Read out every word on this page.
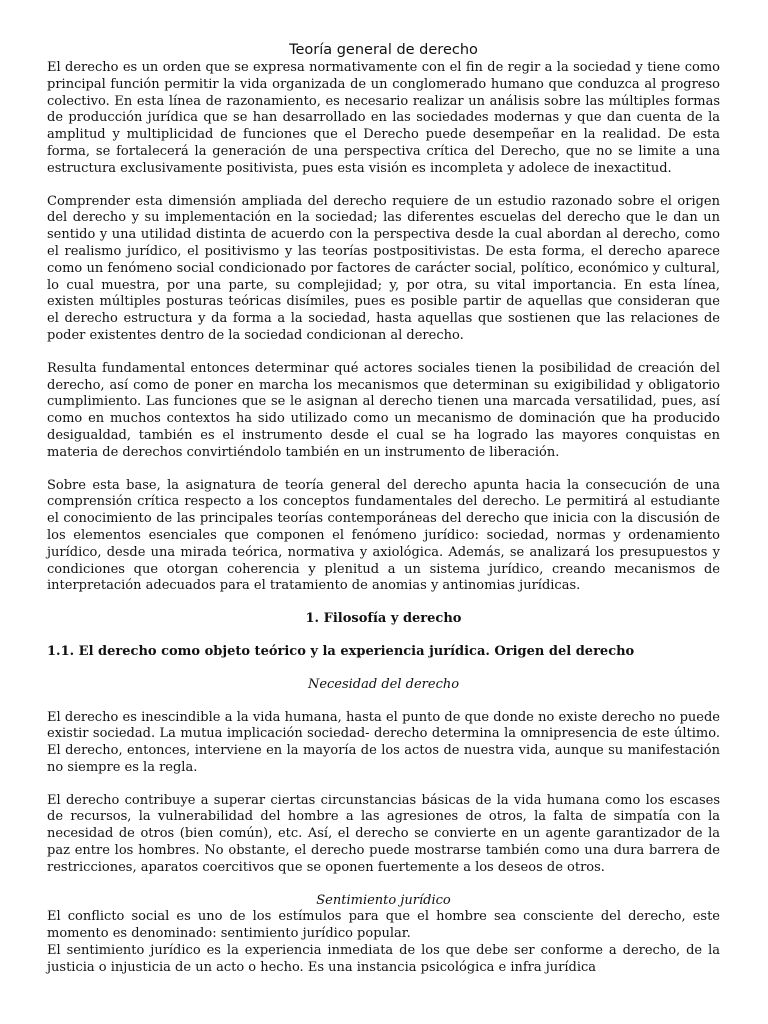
Teoría general de derecho

El derecho es un orden que se expresa normativamente con el fin de regir a la sociedad y tiene como principal función permitir la vida organizada de un conglomerado humano que conduzca al progreso colectivo. En esta línea de razonamiento, es necesario realizar un análisis sobre las múltiples formas de producción jurídica que se han desarrollado en las sociedades modernas y que dan cuenta de la amplitud y multiplicidad de funciones que el Derecho puede desempeñar en la realidad. De esta forma, se fortalecerá la generación de una perspectiva crítica del Derecho, que no se limite a una estructura exclusivamente positivista, pues esta visión es incompleta y adolece de inexactitud.

Comprender esta dimensión ampliada del derecho requiere de un estudio razonado sobre el origen del derecho y su implementación en la sociedad; las diferentes escuelas del derecho que le dan un sentido y una utilidad distinta de acuerdo con la perspectiva desde la cual abordan al derecho, como el realismo jurídico, el positivismo y las teorías postpositivistas. De esta forma, el derecho aparece como un fenómeno social condicionado por factores de carácter social, político, económico y cultural, lo cual muestra, por una parte, su complejidad; y, por otra, su vital importancia. En esta línea, existen múltiples posturas teóricas disímiles, pues es posible partir de aquellas que consideran que el derecho estructura y da forma a la sociedad, hasta aquellas que sostienen que las relaciones de poder existentes dentro de la sociedad condicionan al derecho.

Resulta fundamental entonces determinar qué actores sociales tienen la posibilidad de creación del derecho, así como de poner en marcha los mecanismos que determinan su exigibilidad y obligatorio cumplimiento. Las funciones que se le asignan al derecho tienen una marcada versatilidad, pues, así como en muchos contextos ha sido utilizado como un mecanismo de dominación que ha producido desigualdad, también es el instrumento desde el cual se ha logrado las mayores conquistas en materia de derechos convirtiéndolo también en un instrumento de liberación.

Sobre esta base, la asignatura de teoría general del derecho apunta hacia la consecución de una comprensión crítica respecto a los conceptos fundamentales del derecho. Le permitirá al estudiante el conocimiento de las principales teorías contemporáneas del derecho que inicia con la discusión de los elementos esenciales que componen el fenómeno jurídico: sociedad, normas y ordenamiento jurídico, desde una mirada teórica, normativa y axiológica. Además, se analizará los presupuestos y condiciones que otorgan coherencia y plenitud a un sistema jurídico, creando mecanismos de interpretación adecuados para el tratamiento de anomias y antinomias jurídicas.

1. Filosofía y derecho

1.1. El derecho como objeto teórico y la experiencia jurídica. Origen del derecho

Necesidad del derecho

El derecho es inescindible a la vida humana, hasta el punto de que donde no existe derecho no puede existir sociedad. La mutua implicación sociedad- derecho determina la omnipresencia de este último. El derecho, entonces, interviene en la mayoría de los actos de nuestra vida, aunque su manifestación no siempre es la regla.

El derecho contribuye a superar ciertas circunstancias básicas de la vida humana como los escases de recursos, la vulnerabilidad del hombre a las agresiones de otros, la falta de simpatía con la necesidad de otros (bien común), etc. Así, el derecho se convierte en un agente garantizador de la paz entre los hombres. No obstante, el derecho puede mostrarse también como una dura barrera de restricciones, aparatos coercitivos que se oponen fuertemente a los deseos de otros.

Sentimiento jurídico

El conflicto social es uno de los estímulos para que el hombre sea consciente del derecho, este momento es denominado: sentimiento jurídico popular.

El sentimiento jurídico es la experiencia inmediata de los que debe ser conforme a derecho, de la justicia o injusticia de un acto o hecho. Es una instancia psicológica e infra jurídica
